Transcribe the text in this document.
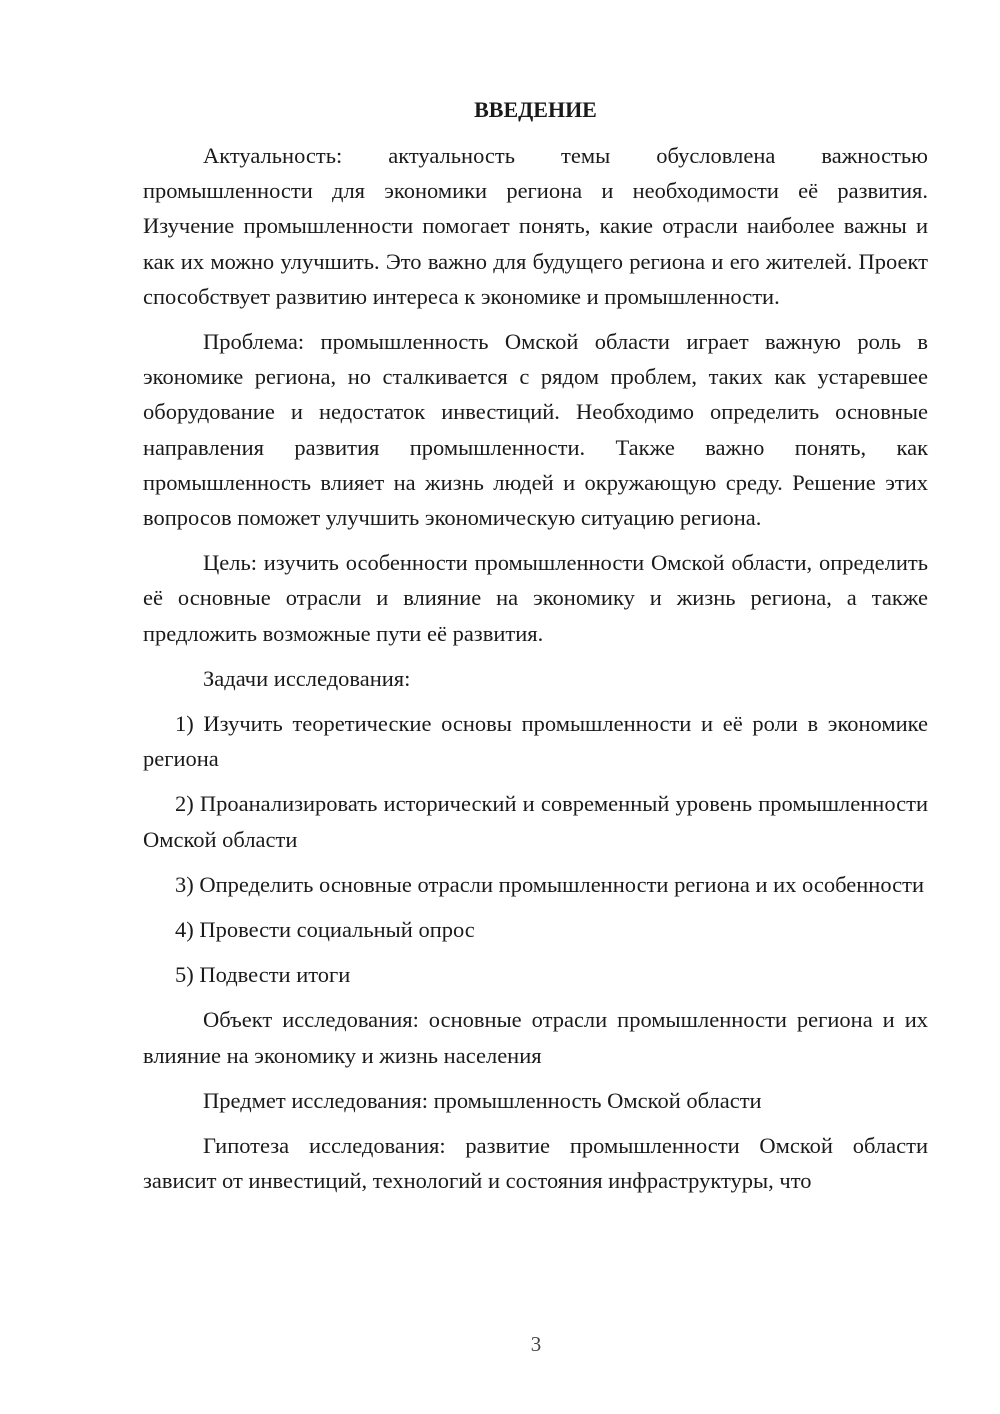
ВВЕДЕНИЕ

Актуальность: актуальность темы обусловлена важностью промышленности для экономики региона и необходимости её развития. Изучение промышленности помогает понять, какие отрасли наиболее важны и как их можно улучшить. Это важно для будущего региона и его жителей. Проект способствует развитию интереса к экономике и промышленности.

Проблема: промышленность Омской области играет важную роль в экономике региона, но сталкивается с рядом проблем, таких как устаревшее оборудование и недостаток инвестиций. Необходимо определить основные направления развития промышленности. Также важно понять, как промышленность влияет на жизнь людей и окружающую среду. Решение этих вопросов поможет улучшить экономическую ситуацию региона.

Цель: изучить особенности промышленности Омской области, определить её основные отрасли и влияние на экономику и жизнь региона, а также предложить возможные пути её развития.

Задачи исследования:

1) Изучить теоретические основы промышленности и её роли в экономике региона

2) Проанализировать исторический и современный уровень промышленности Омской области

3) Определить основные отрасли промышленности региона и их особенности

4) Провести социальный опрос

5) Подвести итоги

Объект исследования: основные отрасли промышленности региона и их влияние на экономику и жизнь населения

Предмет исследования: промышленность Омской области

Гипотеза исследования: развитие промышленности Омской области зависит от инвестиций, технологий и состояния инфраструктуры, что

3
